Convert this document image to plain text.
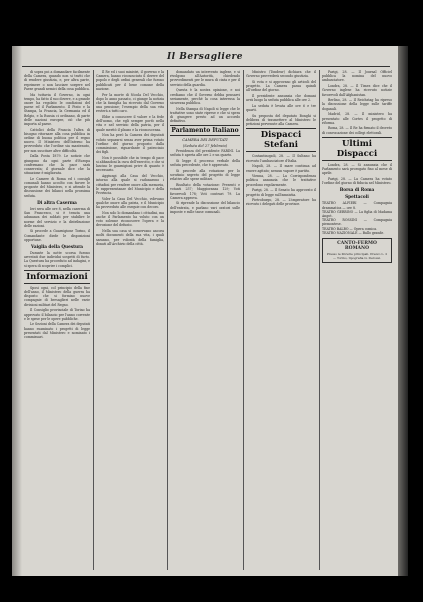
Il Bersagliere

di sopra poi a domandare facilmente della Camera, quando non si tratti che di rendere giustizia, e, per altra parte, reprimere o non lasciare sorgere nel Paese grandi nemici della cosa pubblica.

Ma tuttavia il Governo, in ogni tempo, ha fatto il suo dovere, e a grande onore ha regolato le condizioni del paese ed il Parlamento. Il Pinto e la Stampa, la Francia, la Germania ed il Belgio, e la Russia ci ordinano, di parte delle nazioni europee, ciò che più importa al paese.

Cattolici della Francia l'altra di bisogno ritornare alla cosa pubblica in ordine di buona politica per il regno nuovo. Il Ministero dell'Interno ha provveduto che l'ordine sia mantenuto, per non suscitare altre difficoltà.

Dalla Posta 1879. Le notizie che giungono da ogni parte d'Europa confermano che la pace sarà conservata; il giornale dice che la situazione è migliorata.

Le Camere di Roma ed i consigli comunali hanno accolto con favore le proposte del Ministero, e si attende la discussione dei bilanci nella prossima seduta.

Di altra Caserma

Ieri sera alle ore 8, nella caserma di San Francesco, si è tenuta una adunanza dei soldati per stabilire le norme del servizio e la distribuzione delle razioni.

Si procede a Guarnigione Torino, il Comandante diede le disposizioni opportune.

Vaiglia della Questura

Durante la notte scorsa furono arrestati due individui sospetti di furto. La Questura ha proceduto ad indagini, e si spera di scoprire i complici.

Informazioni

Sposi ogni, col principio della fine dell'anno, il Ministero della guerra ha disposto che si formino nuove compagnie di bersaglieri nelle varie divisioni militari del Regno.

Il Consiglio provinciale di Torino ha approvato il bilancio per l'anno corrente e le spese per le opere pubbliche.

Le Sezioni della Camera dei deputati hanno esaminato i progetti di legge presentati dal Ministero e nominato i commissari.

Il Re ed i suoi ministri, il governo e la Camera, hanno riconosciuto il dovere del popolo e degli ordini generali che furono pubblicati per il bene comune della nazione.

Per la morte di Nicola Del Vecchio, dopo lo anno passato, ci giunge la notizia che la famiglia ha ricevuto dal Governo una pensione; l'esempio della sua vita resterà a tutti caro.

Ebbe a conoscere il valore e la fede dell'uomo, che egli sempre portò nella vita e nel servizio della patria, per il quale meritò il plauso e la riconoscenza.

Non ha però la Camera dei deputati voluto separarsi senza aver prima votato l'ordine del giorno proposto dalla commissione, riguardante il patrocinio dei figli.

Non è possibile che in tempo di pace si abbandoni la cura dell'esercito, e che si lascino le guarnigioni prive di quanto è necessario.

Aggiungi alla Casa del Vecchio, intorno alla quale si radunarono i cittadini per rendere onore alla memoria, le rappresentanze del Municipio e della Provincia.

Voler la Casa Del Vecchio, volevano qualche onore alla patria, e il Municipio ha provveduto alle esequie con decoro.

Non solo lo domandano i cittadini, ma anche il Parlamento ha voluto con un voto solenne riconoscere l'opera e la devozione del defunto.

Nella sua casa si conservano ancora molti documenti della sua vita, i quali saranno, per volontà della famiglia, donati all'Archivio della città.

domandato un intervento inglese, e si rivolgono all'Autorità, chiedendo provvedimenti per le mura di cinta e per il servizio della guardia.

Questa è la nostra opinione, e noi crediamo che il Governo debba pensarvi seriamente, perché la cosa interessa la sicurezza pubblica.

Nella Stampa di Napoli si legge che le trattative sono state riprese e che si spera di giungere presto ad un accordo definitivo.

Parlamento Italiano
CAMERA DEI DEPUTATI
(Seduta del 27 febbraio)

Presidenza del presidente FARINI. La seduta è aperta alle ore 2 e un quarto.

Si legge il processo verbale della seduta precedente, che è approvato.

Si procede alla votazione per lo scrutinio segreto del progetto di legge relativo alle spese militari.

Risultato della votazione: Presenti e votanti 257; Maggioranza 129; Voti favorevoli 178; Voti contrari 79. La Camera approva.

Si riprende la discussione del bilancio dell'entrata, e parlano vari oratori sulle imposte e sulle tasse comunali.

Ministro (Tondeur) dichiara che il Governo provvederà secondo giustizia.

Si vota e si approvano gli articoli del progetto. La Camera passa quindi all'ordine del giorno.

Il presidente annunzia che domani avrà luogo la seduta pubblica alle ore 2.

La seduta è levata alle ore 6 e tre quarti.

Su proposta del deputato Bonghi si delibera di trasmettere al Ministero le petizioni pervenute alla Camera.

Dispacci Stefani

Costantinopoli, 28. — Il Sultano ha ricevuto l'ambasciatore d'Italia.

Napoli, 28. — Il mare continua ad essere agitato; nessun vapore è partito.

Vienna, 28. — La Corrispondenza politica annunzia che le trattative procedono regolarmente.

Parigi, 28. — Il Senato ha approvato il progetto di legge sull'amnistia.

Pietroburgo, 28. — L'imperatore ha ricevuto i delegati delle province.

Parigi, 28. — Il Journal Officiel pubblica la nomina del nuovo ambasciatore.

Londra, 28. — Il Times dice che il Governo inglese ha ricevuto notizie favorevoli dall'Afghanistan.

Berlino, 28. — Il Reichstag ha ripreso la discussione della legge sulle tariffe doganali.

Madrid, 28. — Il ministero ha presentato alle Cortes il progetto di riforma.

Roma, 28. — Il Re ha firmato il decreto di convocazione dei collegi elettorali.

Ultimi Dispacci

Londra, 28. — Si annunzia che il Parlamento sarà prorogato fino al mese di aprile.

Parigi, 28. — La Camera ha votato l'ordine del giorno di fiducia nel Ministero.

Borsa di Roma
Spettacoli
TEATRO ALFIERI — Compagnia drammatica — ore 8.
TEATRO GERBINO — La figlia di Madama Angot.
TEATRO ROSSINI — Compagnia piemontese.
TEATRO BALBO — Opera comica.
TEATRO NAZIONALE — Ballo grande.
CANTO-FERMO ROMANO
Presso le librerie principali. Prezzo L. 2 — Torino, tipografia G. Derossi.
